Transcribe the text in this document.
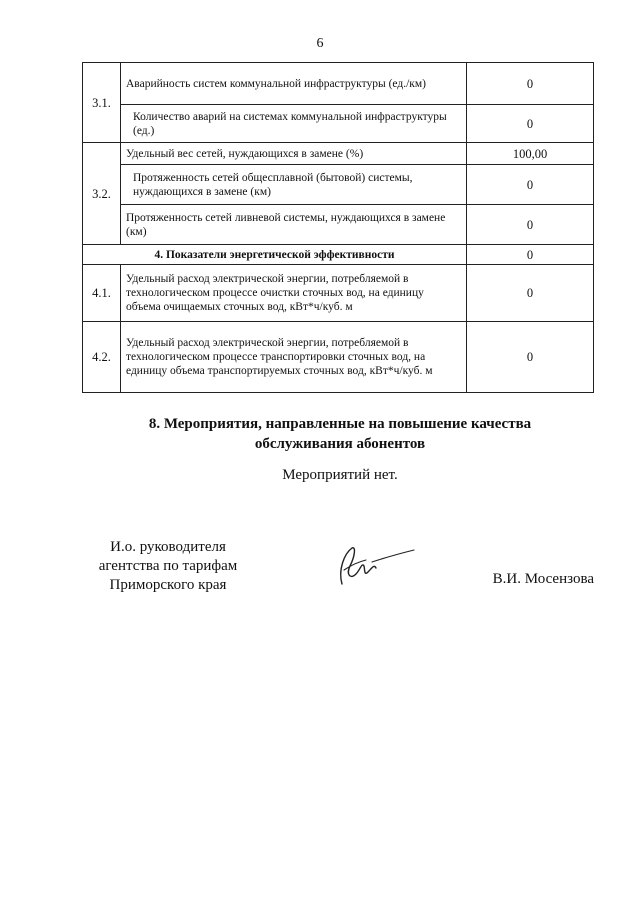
6
3.1.	Аварийность систем коммунальной инфраструктуры (ед./км)	0
	Количество аварий на системах коммунальной инфраструктуры (ед.)	0
3.2.	Удельный вес сетей, нуждающихся в замене (%)	100,00
	Протяженность сетей общесплавной (бытовой) системы, нуждающихся в замене (км)	0
	Протяженность сетей ливневой системы, нуждающихся в замене (км)	0
4. Показатели энергетической эффективности		0
4.1.	Удельный расход электрической энергии, потребляемой в технологическом процессе очистки сточных вод, на единицу объема очищаемых сточных вод, кВт*ч/куб. м	0
4.2.	Удельный расход электрической энергии, потребляемой в технологическом процессе транспортировки сточных вод, на единицу объема транспортируемых сточных вод, кВт*ч/куб. м	0
8. Мероприятия, направленные на повышение качества
обслуживания абонентов
Мероприятий нет.
И.о. руководителя
агентства по тарифам
Приморского края	В.И. Мосензова
